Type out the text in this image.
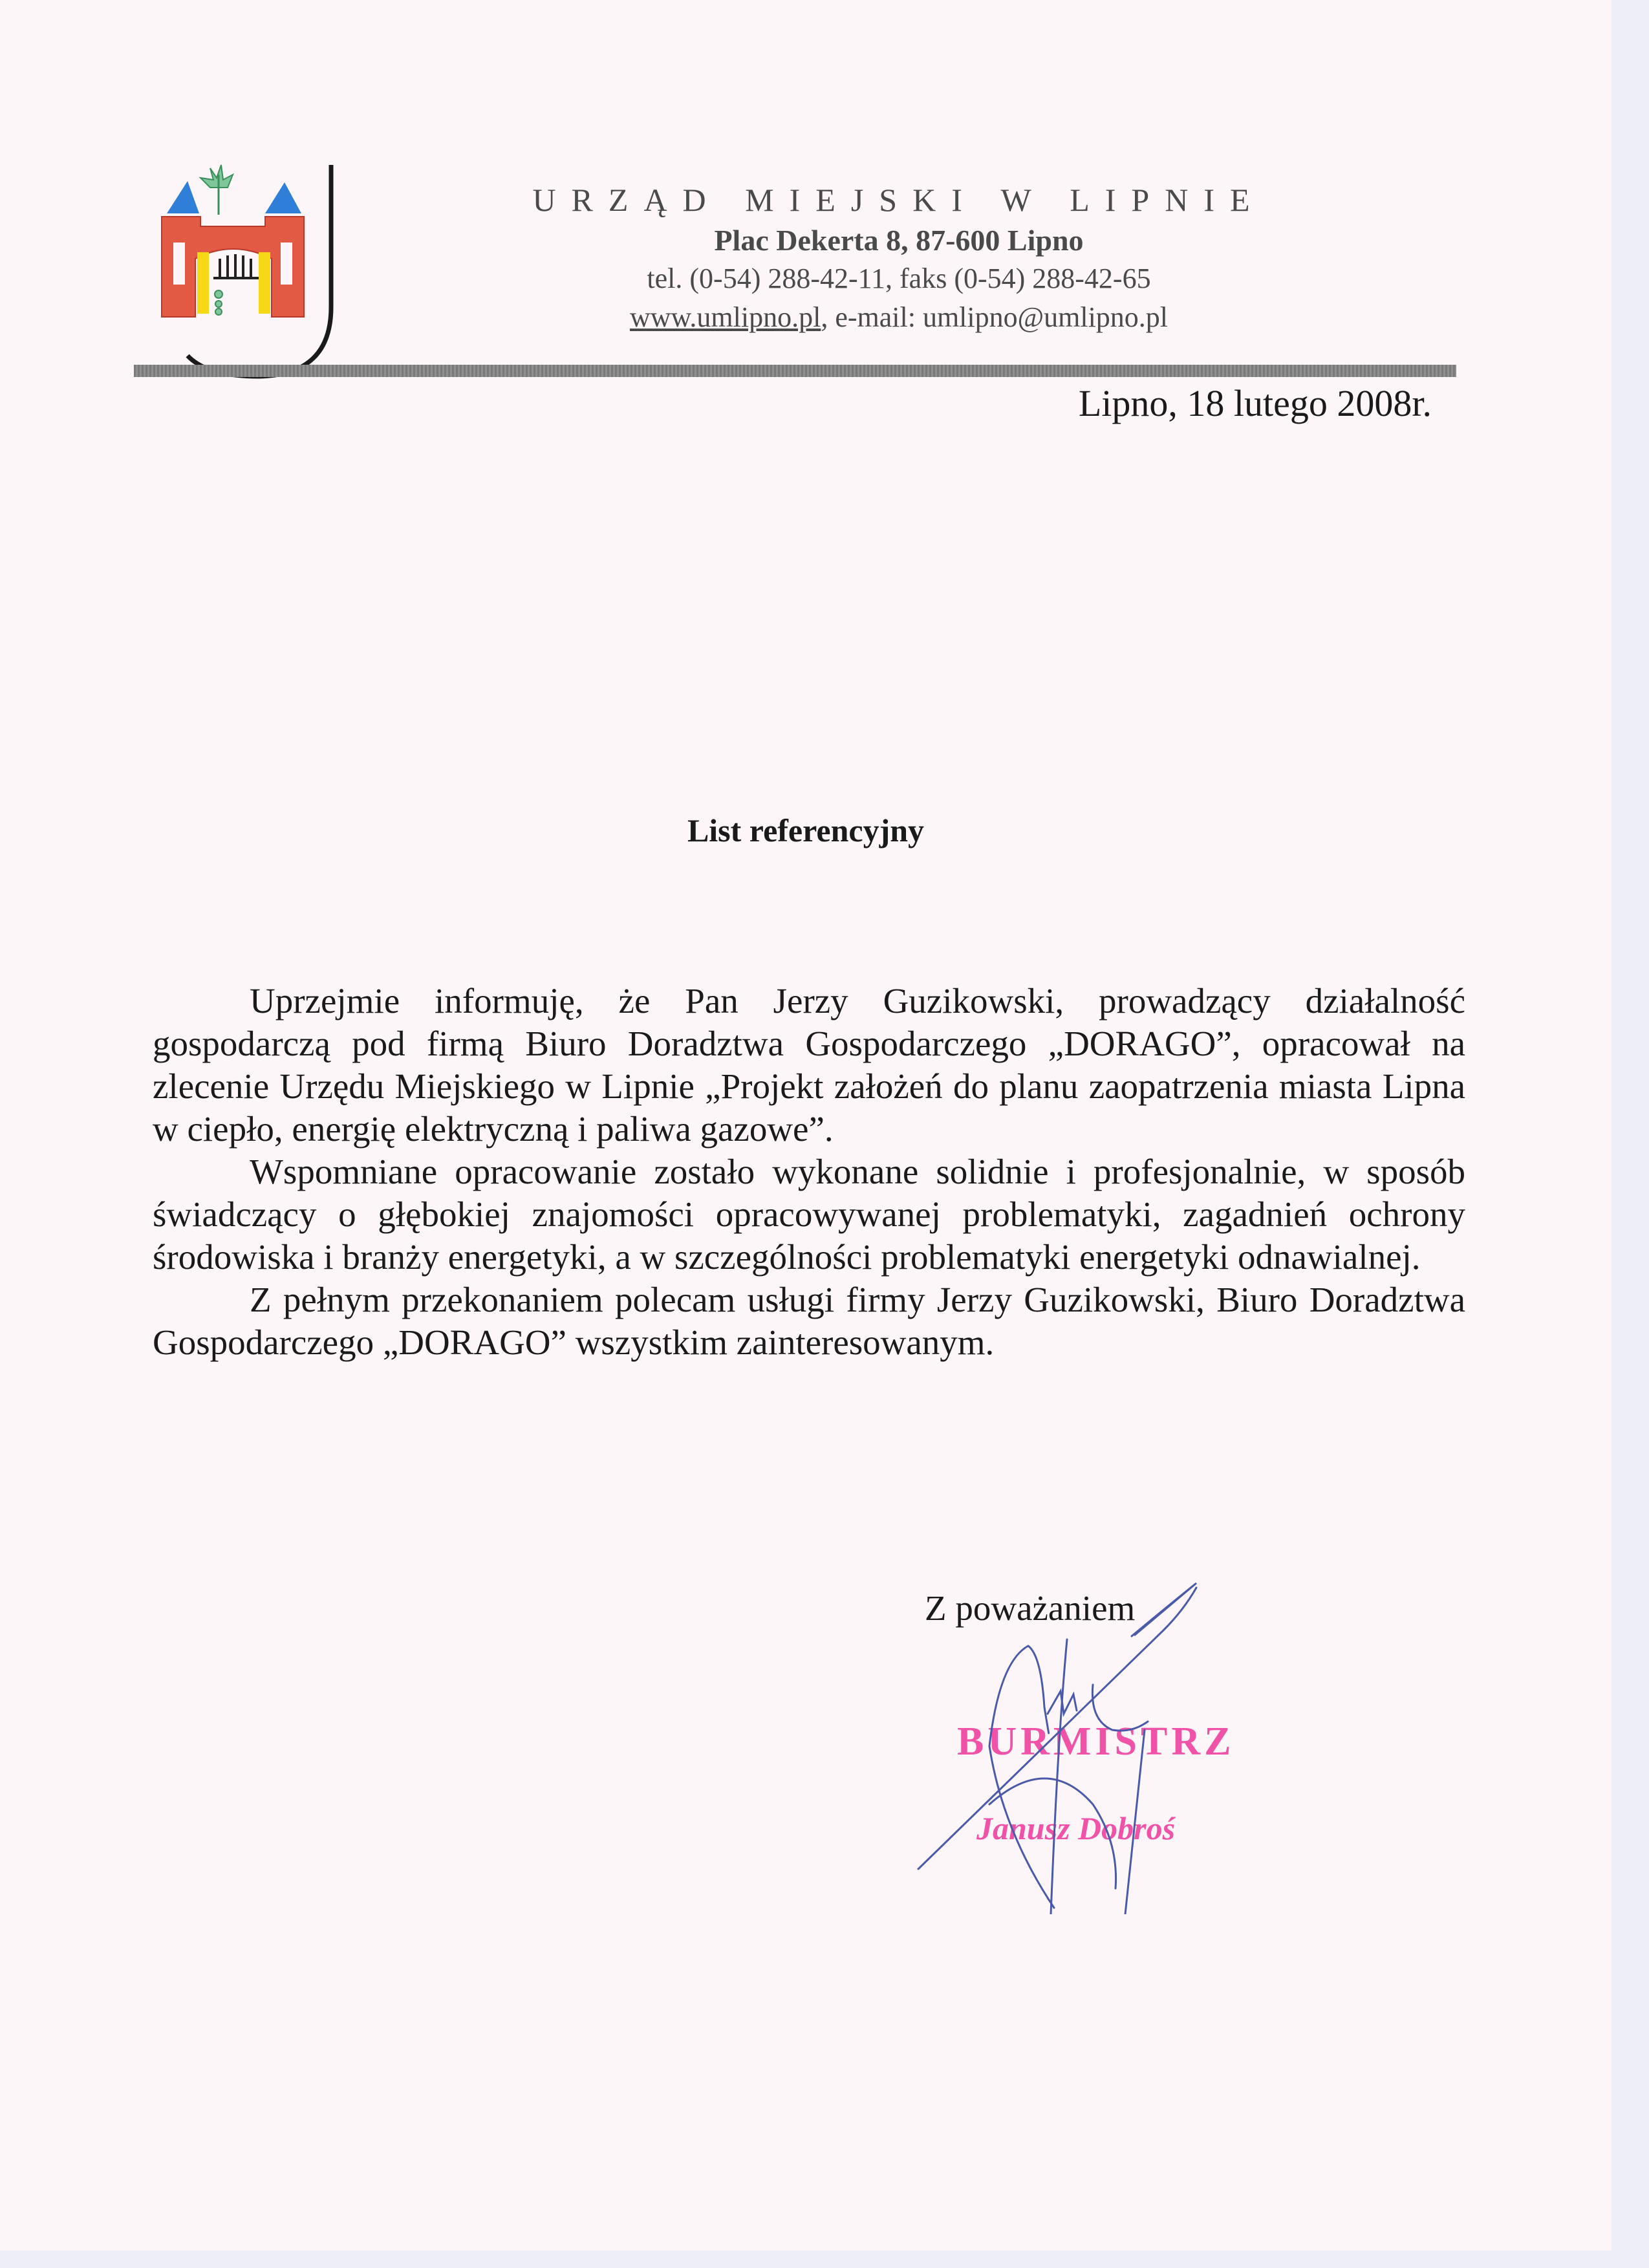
URZĄD MIEJSKI W LIPNIE
Plac Dekerta 8, 87-600 Lipno
tel. (0-54) 288-42-11, faks (0-54) 288-42-65
www.umlipno.pl, e-mail: umlipno@umlipno.pl
Lipno, 18 lutego 2008r.
List referencyjny

Uprzejmie informuję, że Pan Jerzy Guzikowski, prowadzący działalność gospodarczą pod firmą Biuro Doradztwa Gospodarczego „DORAGO”, opracował na zlecenie Urzędu Miejskiego w Lipnie „Projekt założeń do planu zaopatrzenia miasta Lipna w ciepło, energię elektryczną i paliwa gazowe”.

Wspomniane opracowanie zostało wykonane solidnie i profesjonalnie, w sposób świadczący o głębokiej znajomości opracowywanej problematyki, zagadnień ochrony środowiska i branży energetyki, a w szczególności problematyki energetyki odnawialnej.

Z pełnym przekonaniem polecam usługi firmy Jerzy Guzikowski, Biuro Doradztwa Gospodarczego „DORAGO” wszystkim zainteresowanym.

Z poważaniem
BURMISTRZ
Janusz Dobroś
